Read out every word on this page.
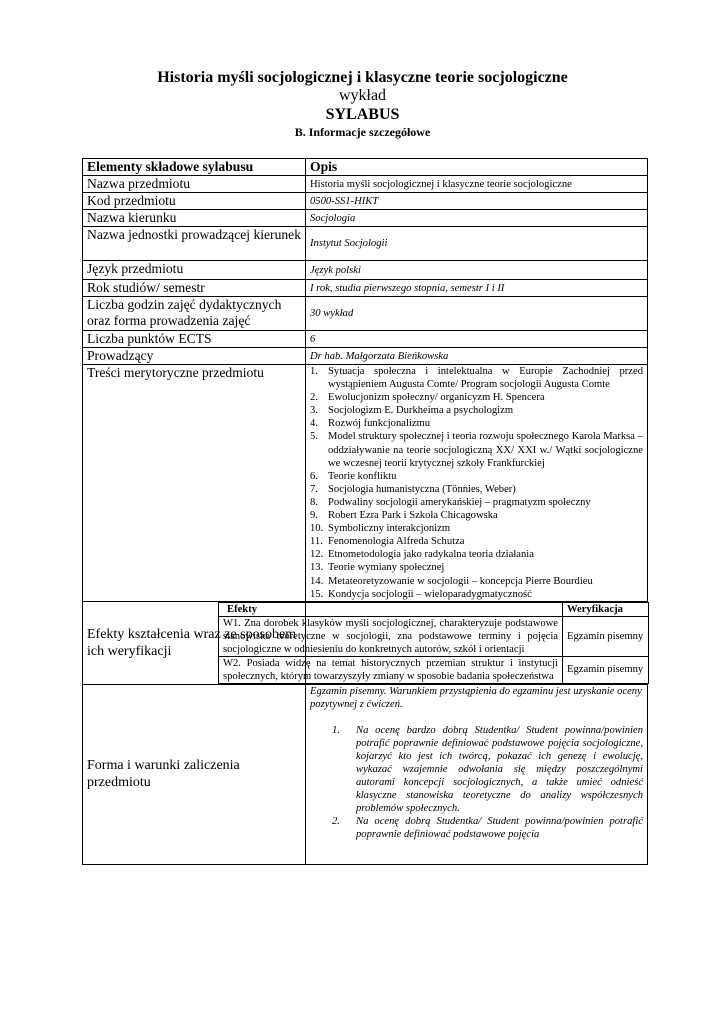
Historia myśli socjologicznej i klasyczne teorie socjologiczne
wykład
SYLABUS
B. Informacje szczegółowe
Elementy składowe sylabusu	Opis
Nazwa przedmiotu	Historia myśli socjologicznej i klasyczne teorie socjologiczne
Kod przedmiotu	0500-SS1-HIKT
Nazwa kierunku	Socjologia
Nazwa jednostki prowadzącej kierunek	Instytut Socjologii
Język przedmiotu	Język polski
Rok studiów/ semestr	I rok, studia pierwszego stopnia, semestr I i II
Liczba godzin zajęć dydaktycznych oraz forma prowadzenia zajęć	30 wykład
Liczba punktów ECTS	6
Prowadzący	Dr hab. Małgorzata Bieńkowska
Treści merytoryczne przedmiotu	1. Sytuacja społeczna i intelektualna w Europie Zachodniej przed wystąpieniem Augusta Comte/ Program socjologii Augusta Comte
2. Ewolucjonizm społeczny/ organicyzm H. Spencera
3. Socjologizm E. Durkheima a psychologizm
4. Rozwój funkcjonalizmu
5. Model struktury społecznej i teoria rozwoju społecznego Karola Marksa – oddziaływanie na teorie socjologiczną XX/ XXI w./ Wątki socjologiczne we wczesnej teorii krytycznej szkoły Frankfurckiej
6. Teorie konfliktu
7. Socjologia humanistyczna (Tönnies, Weber)
8. Podwaliny socjologii amerykańskiej – pragmatyzm społeczny
9. Robert Ezra Park i Szkoła Chicagowska
10. Symboliczny interakcjonizm
11. Fenomenologia Alfreda Schutza
12. Etnometodologia jako radykalna teoria działania
13. Teorie wymiany społecznej
14. Metateoretyzowanie w socjologii – koncepcja Pierre Bourdieu
15. Kondycja socjologii – wieloparadygmatyczność

Efekty kształcenia wraz ze sposobem ich weryfikacji	
Efekty	Weryfikacja
W1. Zna dorobek klasyków myśli socjologicznej, charakteryzuje podstawowe stanowiska teoretyczne w socjologii, zna podstawowe terminy i pojęcia socjologiczne w odniesieniu do konkretnych autorów, szkół i orientacji	Egzamin pisemny
W2. Posiada widzę na temat historycznych przemian struktur i instytucji społecznych, którym towarzyszyły zmiany w sposobie badania społeczeństwa	Egzamin pisemny

Forma i warunki zaliczenia przedmiotu	
Egzamin pisemny. Warunkiem przystąpienia do egzaminu jest uzyskanie oceny pozytywnej z ćwiczeń.
1. Na ocenę bardzo dobrą Studentka/ Student powinna/powinien potrafić poprawnie definiować podstawowe pojęcia socjologiczne, kojarzyć kto jest ich twórcą, pokazać ich genezę i ewolucję, wykazać wzajemnie odwołania się między poszczególnymi autorami koncepcji socjologicznych, a także umieć odnieść klasyczne stanowiska teoretyczne do analizy współczesnych problemów społecznych.
2. Na ocenę dobrą Studentka/ Student powinna/powinien potrafić poprawnie definiować podstawowe pojęcia
